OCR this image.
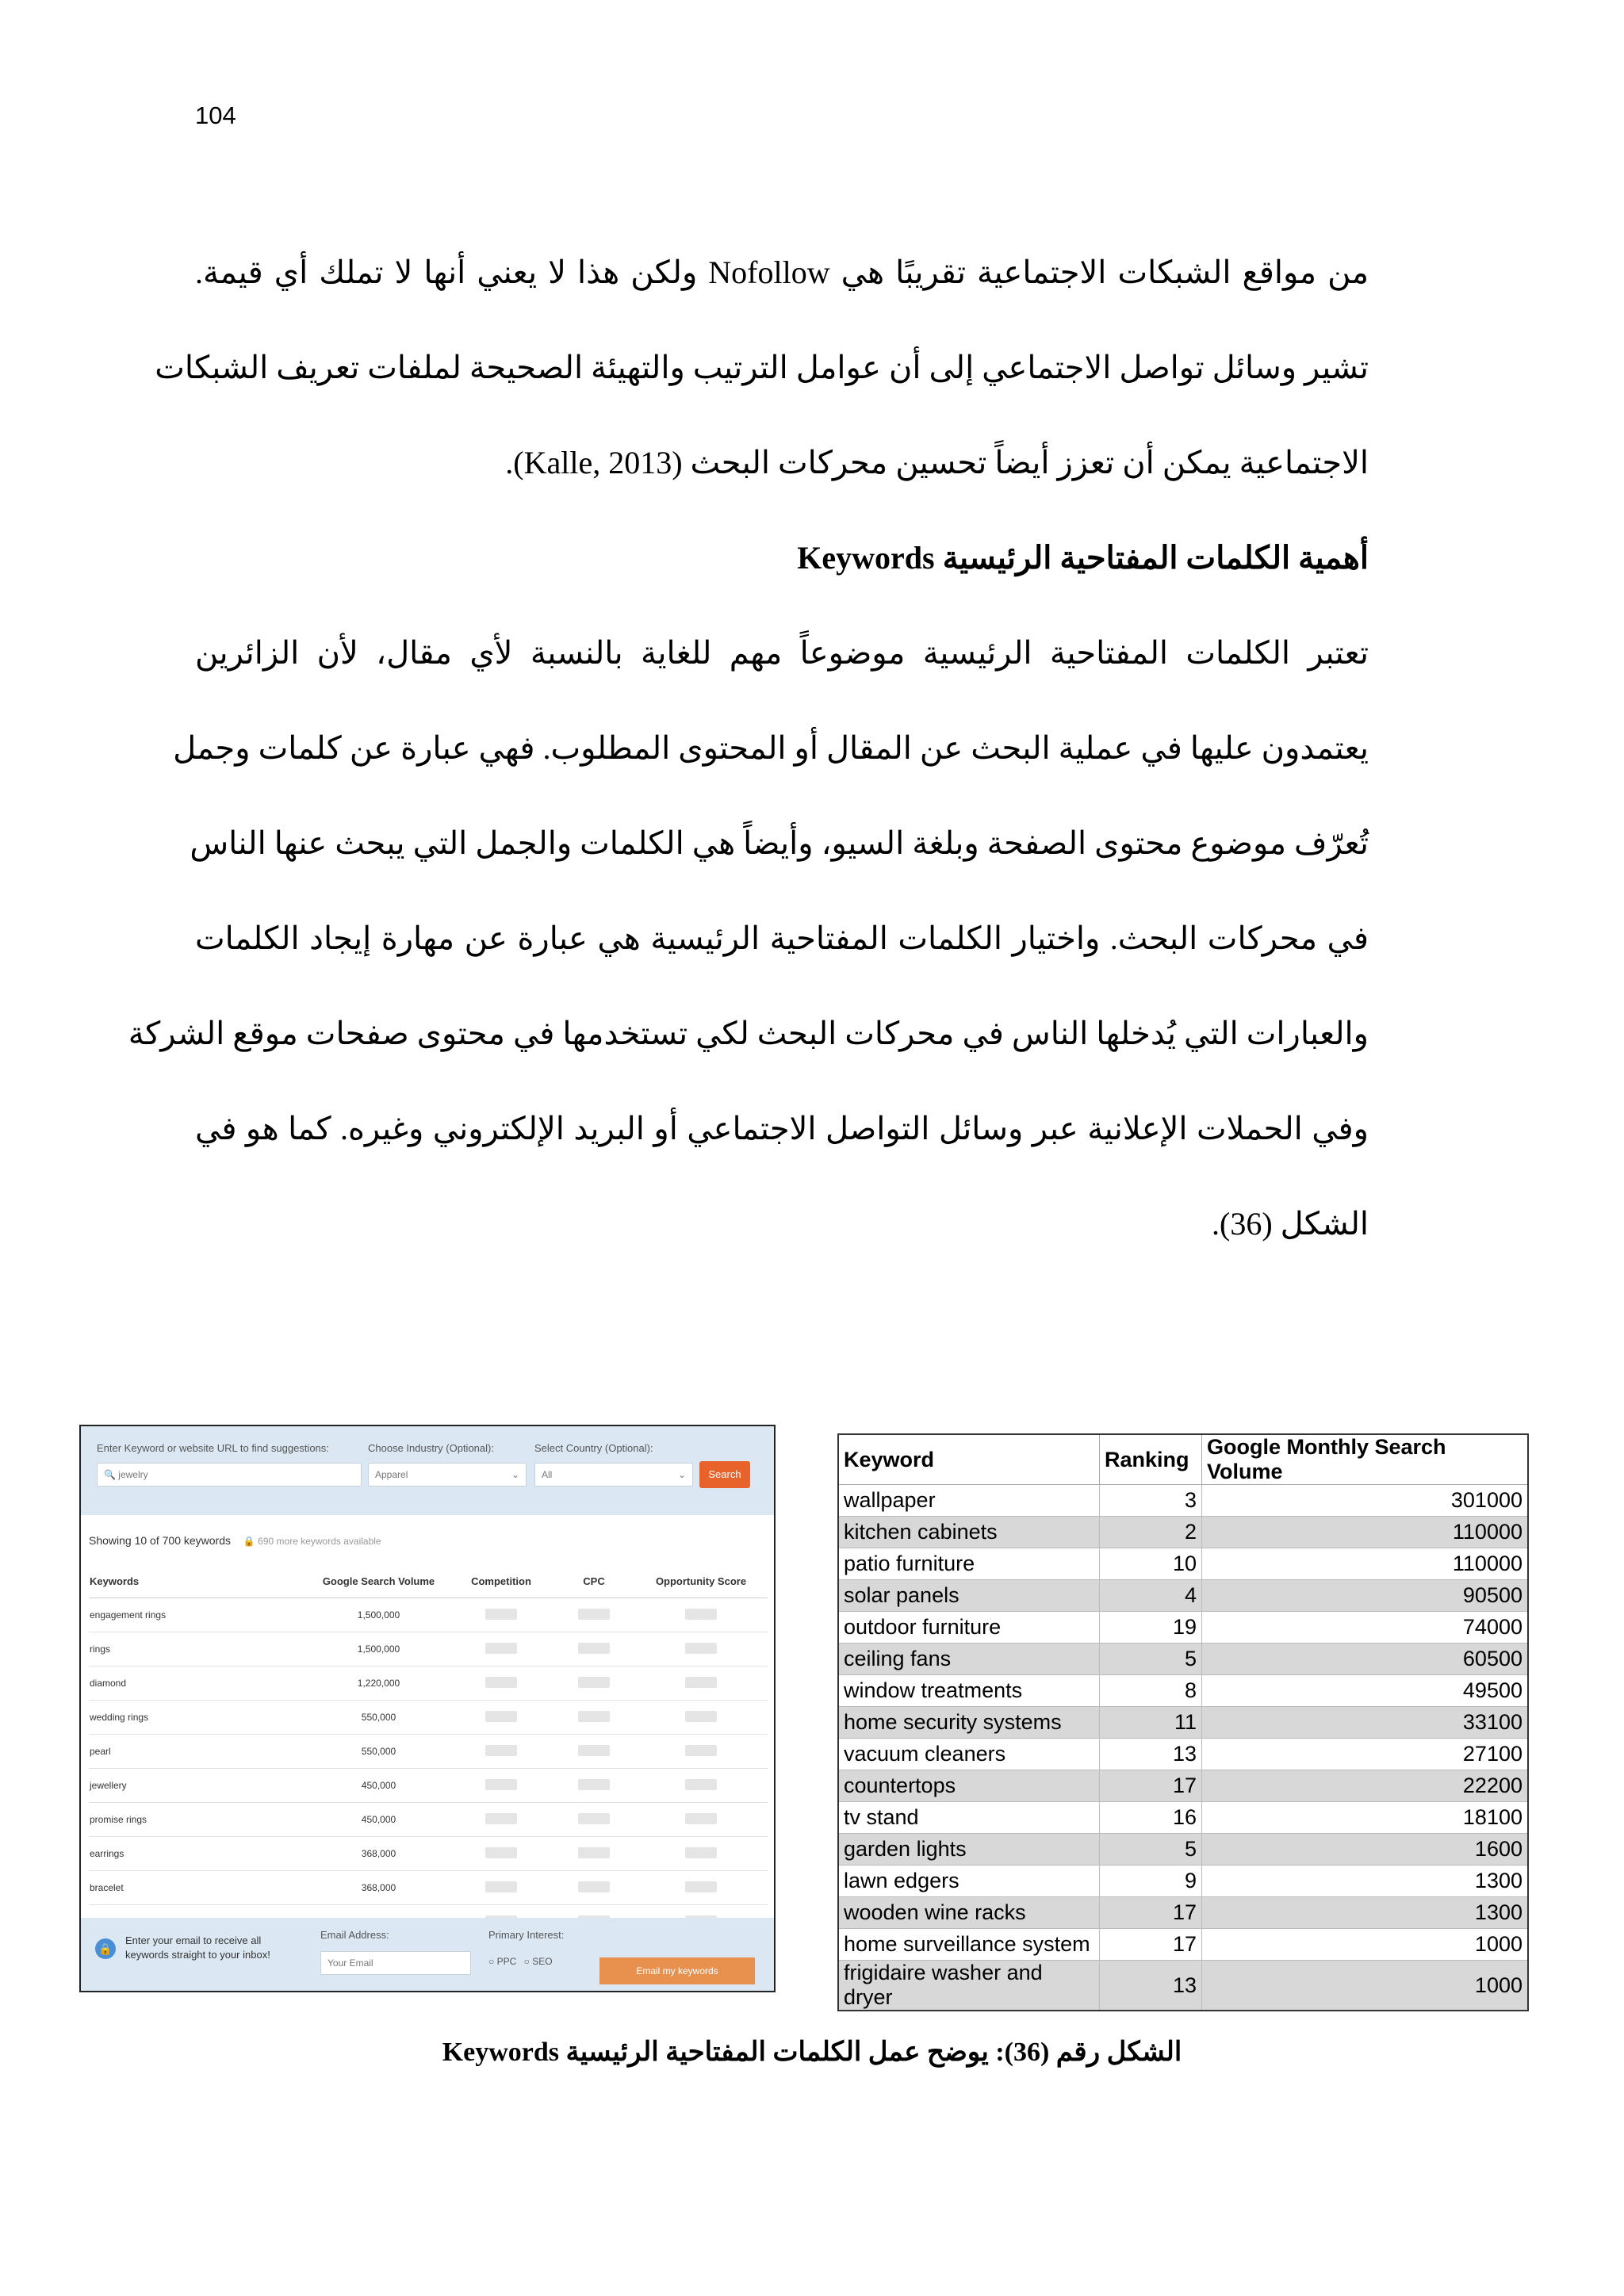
104
من مواقع الشبكات الاجتماعية تقريبًا هي Nofollow ولكن هذا لا يعني أنها لا تملك أي قيمة.
تشير وسائل تواصل الاجتماعي إلى أن عوامل الترتيب والتهيئة الصحيحة لملفات تعريف الشبكات
الاجتماعية يمكن أن تعزز أيضاً تحسين محركات البحث (Kalle, 2013).
أهمية الكلمات المفتاحية الرئيسية Keywords
تعتبر الكلمات المفتاحية الرئيسية موضوعاً مهم للغاية بالنسبة لأي مقال، لأن الزائرين
يعتمدون عليها في عملية البحث عن المقال أو المحتوى المطلوب. فهي عبارة عن كلمات وجمل
تُعرّف موضوع محتوى الصفحة وبلغة السيو، وأيضاً هي الكلمات والجمل التي يبحث عنها الناس
في محركات البحث. واختيار الكلمات المفتاحية الرئيسية هي عبارة عن مهارة إيجاد الكلمات
والعبارات التي يُدخلها الناس في محركات البحث لكي تستخدمها في محتوى صفحات موقع الشركة
وفي الحملات الإعلانية عبر وسائل التواصل الاجتماعي أو البريد الإلكتروني وغيره. كما هو في
الشكل (36).
Enter Keyword or website URL to find suggestions:	Choose Industry (Optional):	Select Country (Optional):
🔍 jewelry	Apparel	⌄	All	⌄	Search
Showing 10 of 700 keywords 🔒 690 more keywords available
Keywords	Google Search Volume	Competition	CPC	Opportunity Score
engagement rings	1,500,000			
rings	1,500,000			
diamond	1,220,000			
wedding rings	550,000			
pearl	550,000			
jewellery	450,000			
promise rings	450,000			
earrings	368,000			
bracelet	368,000			

🔒
Enter your email to receive all
keywords straight to your inbox!
Email Address:
Your Email
Primary Interest:
○ PPC ○ SEO
Email my keywords
Keyword	Ranking	Google Monthly Search Volume
wallpaper	3	301000
kitchen cabinets	2	110000
patio furniture	10	110000
solar panels	4	90500
outdoor furniture	19	74000
ceiling fans	5	60500
window treatments	8	49500
home security systems	11	33100
vacuum cleaners	13	27100
countertops	17	22200
tv stand	16	18100
garden lights	5	1600
lawn edgers	9	1300
wooden wine racks	17	1300
home surveillance system	17	1000
frigidaire washer and dryer	13	1000
الشكل رقم (36): يوضح عمل الكلمات المفتاحية الرئيسية Keywords
